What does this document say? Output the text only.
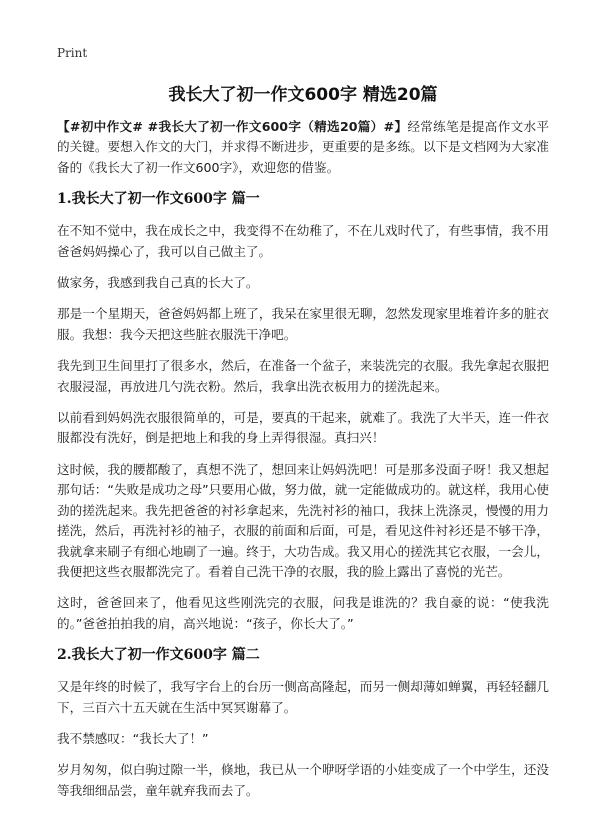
Print
我长大了初一作文600字 精选20篇

【#初中作文# #我长大了初一作文600字（精选20篇）#】经常练笔是提高作文水平的关键。要想入作文的大门，并求得不断进步，更重要的是多练。以下是文档网为大家准备的《我长大了初一作文600字》，欢迎您的借鉴。

1.我长大了初一作文600字 篇一

在不知不觉中，我在成长之中，我变得不在幼稚了，不在儿戏时代了，有些事情，我不用爸爸妈妈操心了，我可以自己做主了。

做家务，我感到我自己真的长大了。

那是一个星期天，爸爸妈妈都上班了，我呆在家里很无聊，忽然发现家里堆着许多的脏衣服。我想：我今天把这些脏衣服洗干净吧。

我先到卫生间里打了很多水，然后，在准备一个盆子，来装洗完的衣服。我先拿起衣服把衣服浸湿，再放进几勺洗衣粉。然后，我拿出洗衣板用力的搓洗起来。

以前看到妈妈洗衣服很简单的，可是，要真的干起来，就难了。我洗了大半天，连一件衣服都没有洗好，倒是把地上和我的身上弄得很湿。真扫兴！

这时候，我的腰都酸了，真想不洗了，想回来让妈妈洗吧！可是那多没面子呀！我又想起那句话：“失败是成功之母”只要用心做，努力做，就一定能做成功的。就这样，我用心使劲的搓洗起来。我先把爸爸的衬衫拿起来，先洗衬衫的袖口，我抹上洗涤灵，慢慢的用力搓洗，然后，再洗衬衫的袖子，衣服的前面和后面，可是，看见这件衬衫还是不够干净，我就拿来刷子有细心地刷了一遍。终于，大功告成。我又用心的搓洗其它衣服，一会儿，我便把这些衣服都洗完了。看着自己洗干净的衣服，我的脸上露出了喜悦的光芒。

这时，爸爸回来了，他看见这些刚洗完的衣服，问我是谁洗的？我自豪的说：“使我洗的。”爸爸拍拍我的肩，高兴地说：“孩子，你长大了。”

2.我长大了初一作文600字 篇二

又是年终的时候了，我写字台上的台历一侧高高隆起，而另一侧却薄如蝉翼，再轻轻翻几下，三百六十五天就在生活中冥冥谢幕了。

我不禁感叹：“我长大了！”

岁月匆匆，似白驹过隙一半，倏地，我已从一个咿呀学语的小娃变成了一个中学生，还没等我细细品尝，童年就弃我而去了。
